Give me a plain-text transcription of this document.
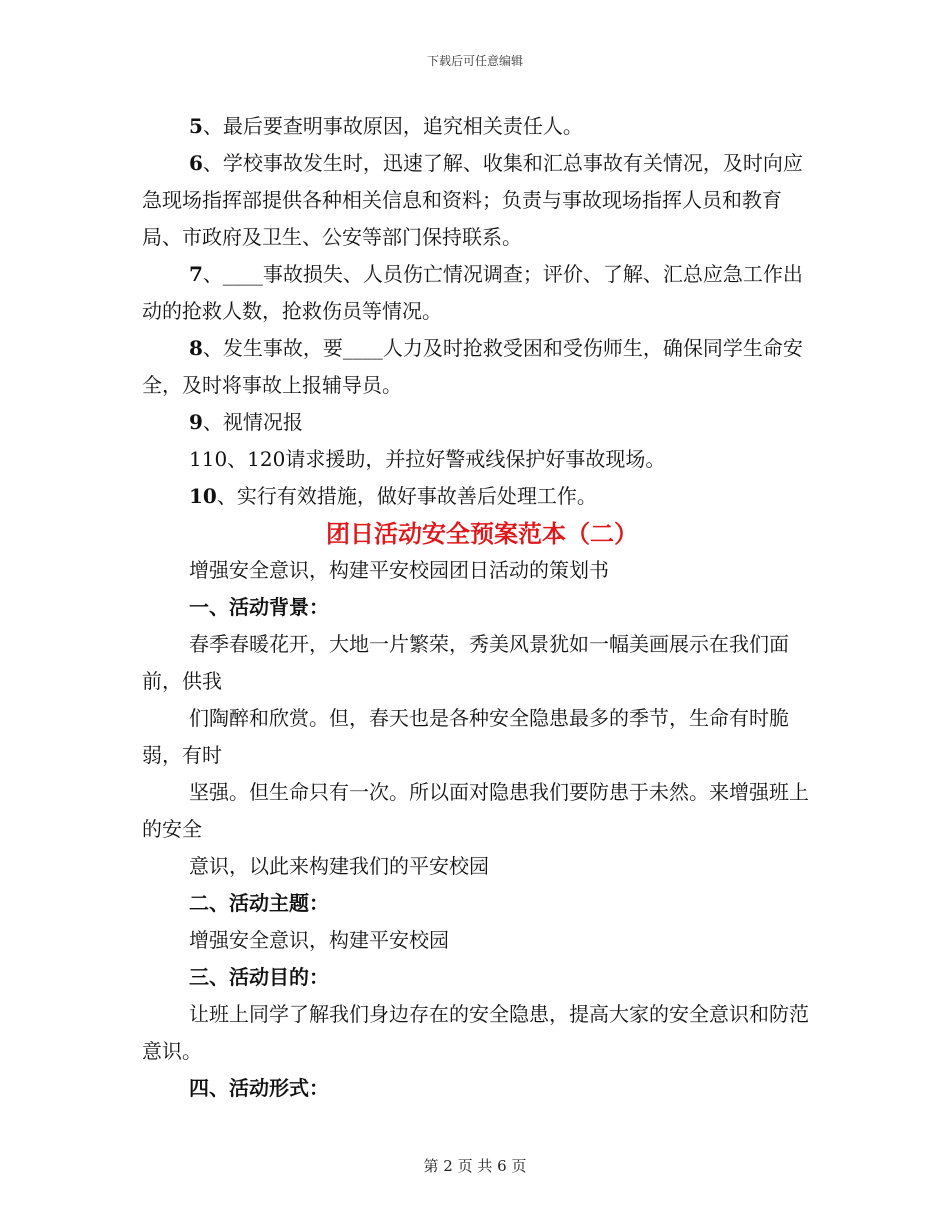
下载后可任意编辑

5、最后要查明事故原因，追究相关责任人。

6、学校事故发生时，迅速了解、收集和汇总事故有关情况，及时向应急现场指挥部提供各种相关信息和资料；负责与事故现场指挥人员和教育局、市政府及卫生、公安等部门保持联系。

7、____事故损失、人员伤亡情况调查；评价、了解、汇总应急工作出动的抢救人数，抢救伤员等情况。

8、发生事故，要____人力及时抢救受困和受伤师生，确保同学生命安全，及时将事故上报辅导员。

9、视情况报

110、120请求援助，并拉好警戒线保护好事故现场。

10、实行有效措施，做好事故善后处理工作。

团日活动安全预案范本（二）

增强安全意识，构建平安校园团日活动的策划书

一、活动背景：

春季春暖花开，大地一片繁荣，秀美风景犹如一幅美画展示在我们面前，供我

们陶醉和欣赏。但，春天也是各种安全隐患最多的季节，生命有时脆弱，有时

坚强。但生命只有一次。所以面对隐患我们要防患于未然。来增强班上的安全

意识，以此来构建我们的平安校园

二、活动主题：

增强安全意识，构建平安校园

三、活动目的：

让班上同学了解我们身边存在的安全隐患，提高大家的安全意识和防范意识。

四、活动形式：

第 2 页 共 6 页
